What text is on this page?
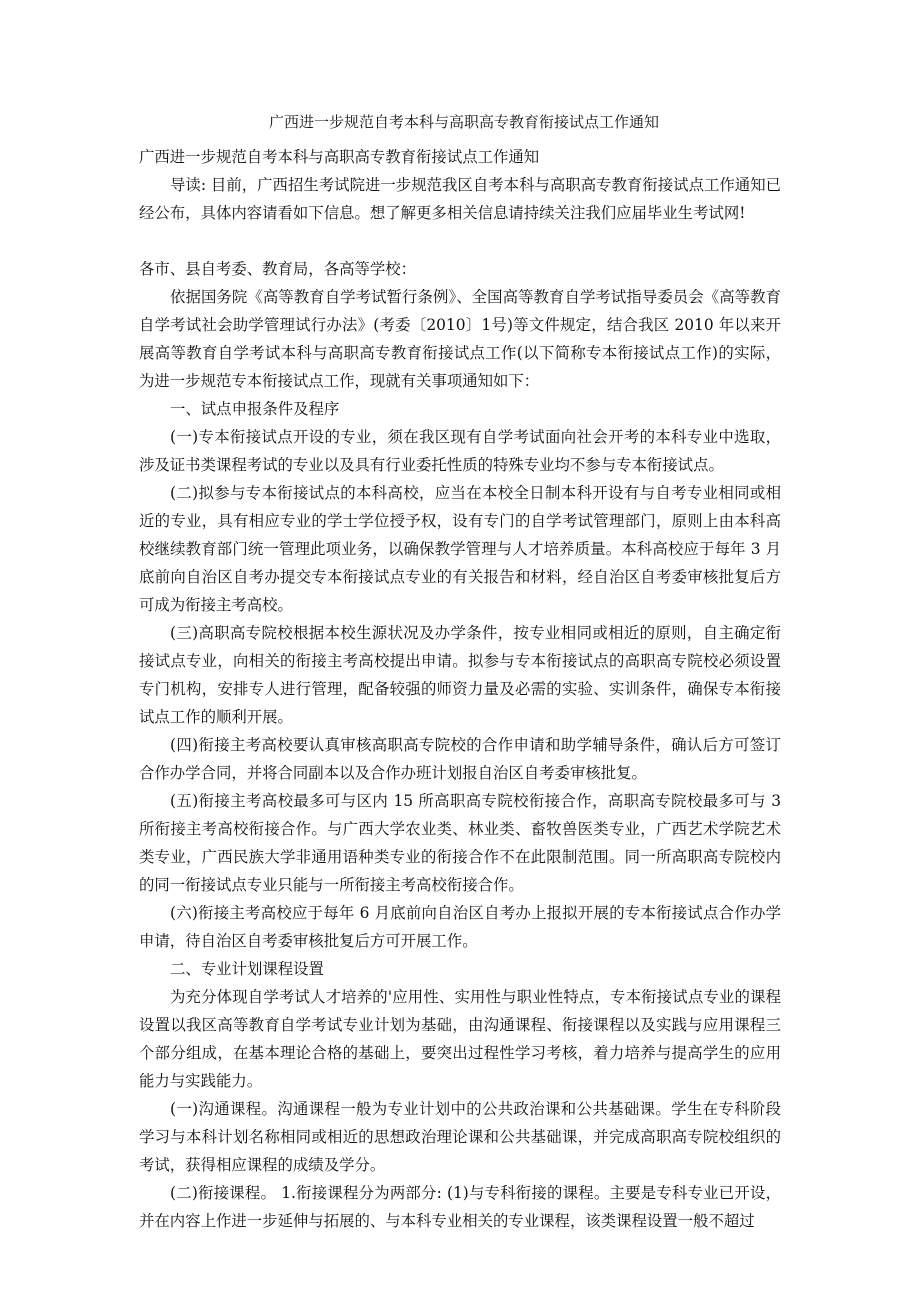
广西进一步规范自考本科与高职高专教育衔接试点工作通知

广西进一步规范自考本科与高职高专教育衔接试点工作通知

导读: 目前，广西招生考试院进一步规范我区自考本科与高职高专教育衔接试点工作通知已经公布，具体内容请看如下信息。想了解更多相关信息请持续关注我们应届毕业生考试网!

各市、县自考委、教育局，各高等学校：

依据国务院《高等教育自学考试暂行条例》、全国高等教育自学考试指导委员会《高等教育自学考试社会助学管理试行办法》(考委〔2010〕1号)等文件规定，结合我区 2010 年以来开展高等教育自学考试本科与高职高专教育衔接试点工作(以下简称专本衔接试点工作)的实际，为进一步规范专本衔接试点工作，现就有关事项通知如下：

一、试点申报条件及程序

(一)专本衔接试点开设的专业，须在我区现有自学考试面向社会开考的本科专业中选取，涉及证书类课程考试的专业以及具有行业委托性质的特殊专业均不参与专本衔接试点。

(二)拟参与专本衔接试点的本科高校，应当在本校全日制本科开设有与自考专业相同或相近的专业，具有相应专业的学士学位授予权，设有专门的自学考试管理部门，原则上由本科高校继续教育部门统一管理此项业务，以确保教学管理与人才培养质量。本科高校应于每年 3 月底前向自治区自考办提交专本衔接试点专业的有关报告和材料，经自治区自考委审核批复后方可成为衔接主考高校。

(三)高职高专院校根据本校生源状况及办学条件，按专业相同或相近的原则，自主确定衔接试点专业，向相关的衔接主考高校提出申请。拟参与专本衔接试点的高职高专院校必须设置专门机构，安排专人进行管理，配备较强的师资力量及必需的实验、实训条件，确保专本衔接试点工作的顺利开展。

(四)衔接主考高校要认真审核高职高专院校的合作申请和助学辅导条件，确认后方可签订合作办学合同，并将合同副本以及合作办班计划报自治区自考委审核批复。

(五)衔接主考高校最多可与区内 15 所高职高专院校衔接合作，高职高专院校最多可与 3 所衔接主考高校衔接合作。与广西大学农业类、林业类、畜牧兽医类专业，广西艺术学院艺术类专业，广西民族大学非通用语种类专业的衔接合作不在此限制范围。同一所高职高专院校内的同一衔接试点专业只能与一所衔接主考高校衔接合作。

(六)衔接主考高校应于每年 6 月底前向自治区自考办上报拟开展的专本衔接试点合作办学申请，待自治区自考委审核批复后方可开展工作。

二、专业计划课程设置

为充分体现自学考试人才培养的'应用性、实用性与职业性特点，专本衔接试点专业的课程设置以我区高等教育自学考试专业计划为基础，由沟通课程、衔接课程以及实践与应用课程三个部分组成，在基本理论合格的基础上，要突出过程性学习考核，着力培养与提高学生的应用能力与实践能力。

(一)沟通课程。沟通课程一般为专业计划中的公共政治课和公共基础课。学生在专科阶段学习与本科计划名称相同或相近的思想政治理论课和公共基础课，并完成高职高专院校组织的考试，获得相应课程的成绩及学分。

(二)衔接课程。 1.衔接课程分为两部分: (1)与专科衔接的课程。主要是专科专业已开设，并在内容上作进一步延伸与拓展的、与本科专业相关的专业课程，该类课程设置一般不超过
